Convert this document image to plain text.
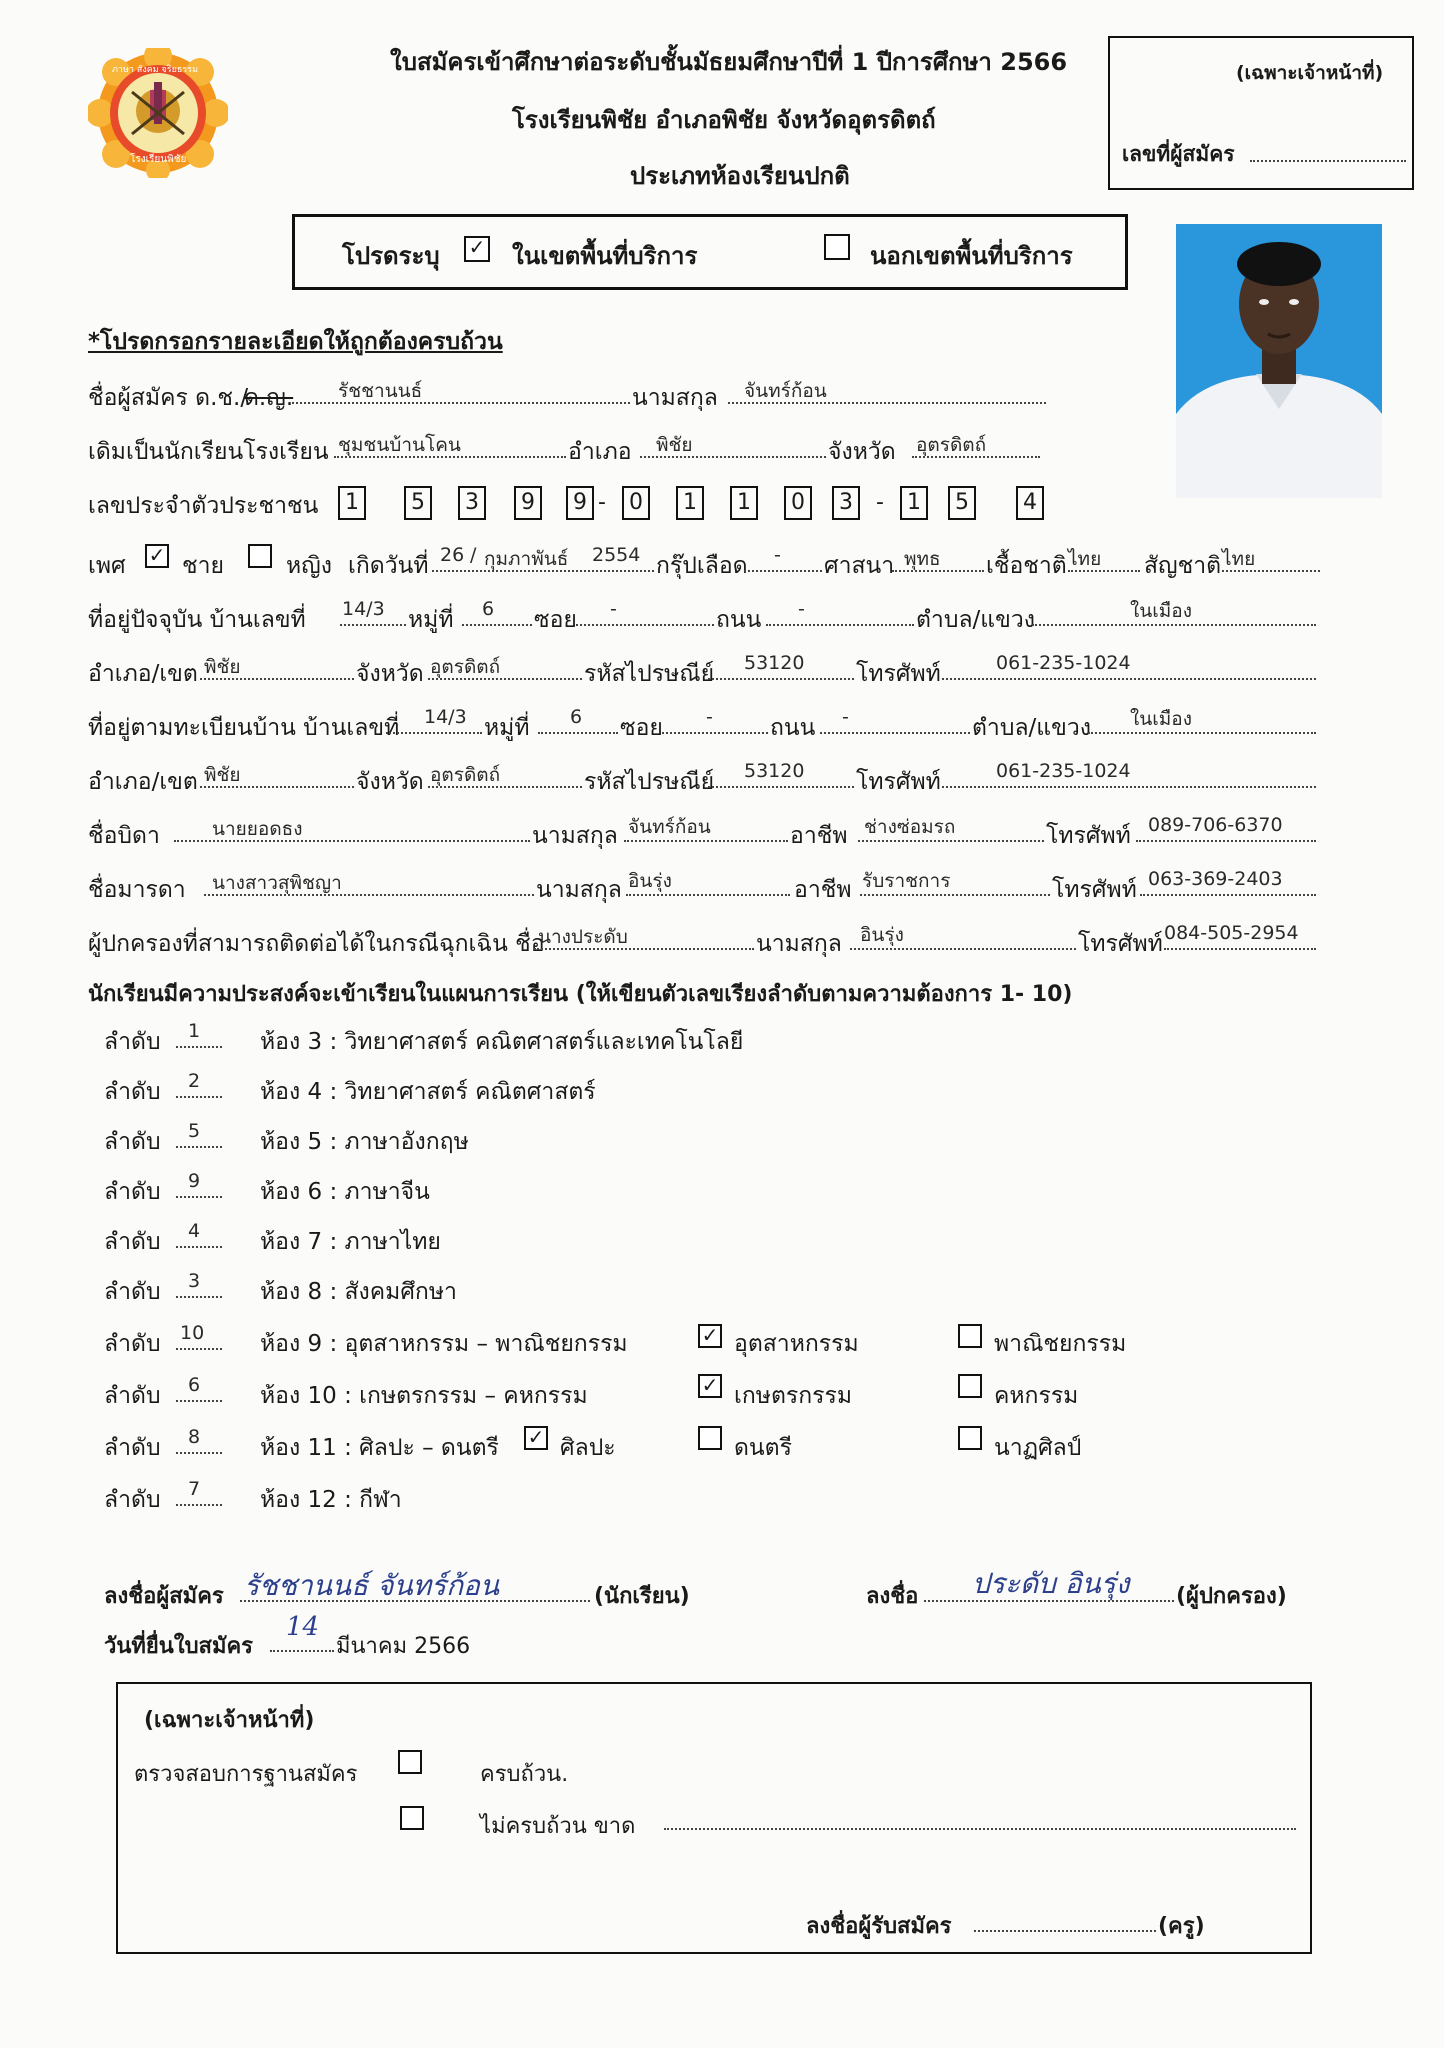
ภาษา สังคม จริยธรรม
โรงเรียนพิชัย
ใบสมัครเข้าศึกษาต่อระดับชั้นมัธยมศึกษาปีที่ 1 ปีการศึกษา 2566
โรงเรียนพิชัย อำเภอพิชัย จังหวัดอุตรดิตถ์
ประเภทห้องเรียนปกติ
(เฉพาะเจ้าหน้าที่)
เลขที่ผู้สมัคร
โปรดระบุ ✓ ในเขตพื้นที่บริการ	นอกเขตพื้นที่บริการ
*โปรดกรอกรายละเอียดให้ถูกต้องครบถ้วน
ชื่อผู้สมัคร ด.ช./
ด.ญ. รัชชานนธ์	นามสกุล จันทร์ก้อน
เดิมเป็นนักเรียนโรงเรียน ชุมชนบ้านโคน	อำเภอ พิชัย	จังหวัด อุตรดิตถ์
เลขประจำตัวประชาชน	1	5	3	9	9 -	0	1	1	0	3	-	1	5	4
เพศ ✓ ชาย	หญิง เกิดวันที่ 26 / กุมภาพันธ์ 2554 กรุ๊ปเลือด - ศาสนา พุทธ เชื้อชาติ ไทย สัญชาติ ไทย
ที่อยู่ปัจจุบัน บ้านเลขที่ 14/3 หมู่ที่ 6 ซอย -	ถนน -	ตำบล/แขวง	ในเมือง
อำเภอ/เขต พิชัย	จังหวัด อุตรดิตถ์	รหัสไปรษณีย์ 53120 โทรศัพท์	061-235-1024
ที่อยู่ตามทะเบียนบ้าน บ้านเลขที่ 14/3 หมู่ที่ 6 ซอย - ถนน -	ตำบล/แขวง ในเมือง
อำเภอ/เขต พิชัย	จังหวัด อุตรดิตถ์	รหัสไปรษณีย์ 53120 โทรศัพท์	061-235-1024
ชื่อบิดา	นายยอดธง	นามสกุล จันทร์ก้อน	อาชีพ ช่างซ่อมรถ	โทรศัพท์ 089-706-6370
ชื่อมารดา นางสาวสุพิชญา	นามสกุล อินรุ่ง	อาชีพ รับราชการ	โทรศัพท์ 063-369-2403
ผู้ปกครองที่สามารถติดต่อได้ในกรณีฉุกเฉิน ชื่อ
นางประดับ	นามสกุล อินรุ่ง	โทรศัพท์ 084-505-2954
นักเรียนมีความประสงค์จะเข้าเรียนในแผนการเรียน (ให้เขียนตัวเลขเรียงลำดับตามความต้องการ 1- 10)
ลำดับ 1	ห้อง 3 : วิทยาศาสตร์ คณิตศาสตร์และเทคโนโลยี
ลำดับ 2	ห้อง 4 : วิทยาศาสตร์ คณิตศาสตร์
ลำดับ 5	ห้อง 5 : ภาษาอังกฤษ
ลำดับ 9	ห้อง 6 : ภาษาจีน
ลำดับ 4	ห้อง 7 : ภาษาไทย
ลำดับ 3	ห้อง 8 : สังคมศึกษา
ลำดับ 10 ห้อง 9 : อุตสาหกรรม – พาณิชยกรรม
ลำดับ 6	ห้อง 10 : เกษตรกรรม – คหกรรม
ลำดับ 8	ห้อง 11 : ศิลปะ – ดนตรี
ลำดับ 7	ห้อง 12 : กีฬา
✓ อุตสาหกรรม	พาณิชยกรรม
✓ เกษตรกรรม	คหกรรม
✓ ศิลปะ	ดนตรี	นาฏศิลป์
ลงชื่อผู้สมัคร รัชชานนธ์ จันทร์ก้อน	(นักเรียน)	ลงชื่อ ประดับ อินรุ่ง (ผู้ปกครอง)
วันที่ยื่นใบสมัคร
14
มีนาคม 2566
(เฉพาะเจ้าหน้าที่)
ตรวจสอบการฐานสมัคร	ครบถ้วน.
ไม่ครบถ้วน ขาด
ลงชื่อผู้รับสมัคร	(ครู)
